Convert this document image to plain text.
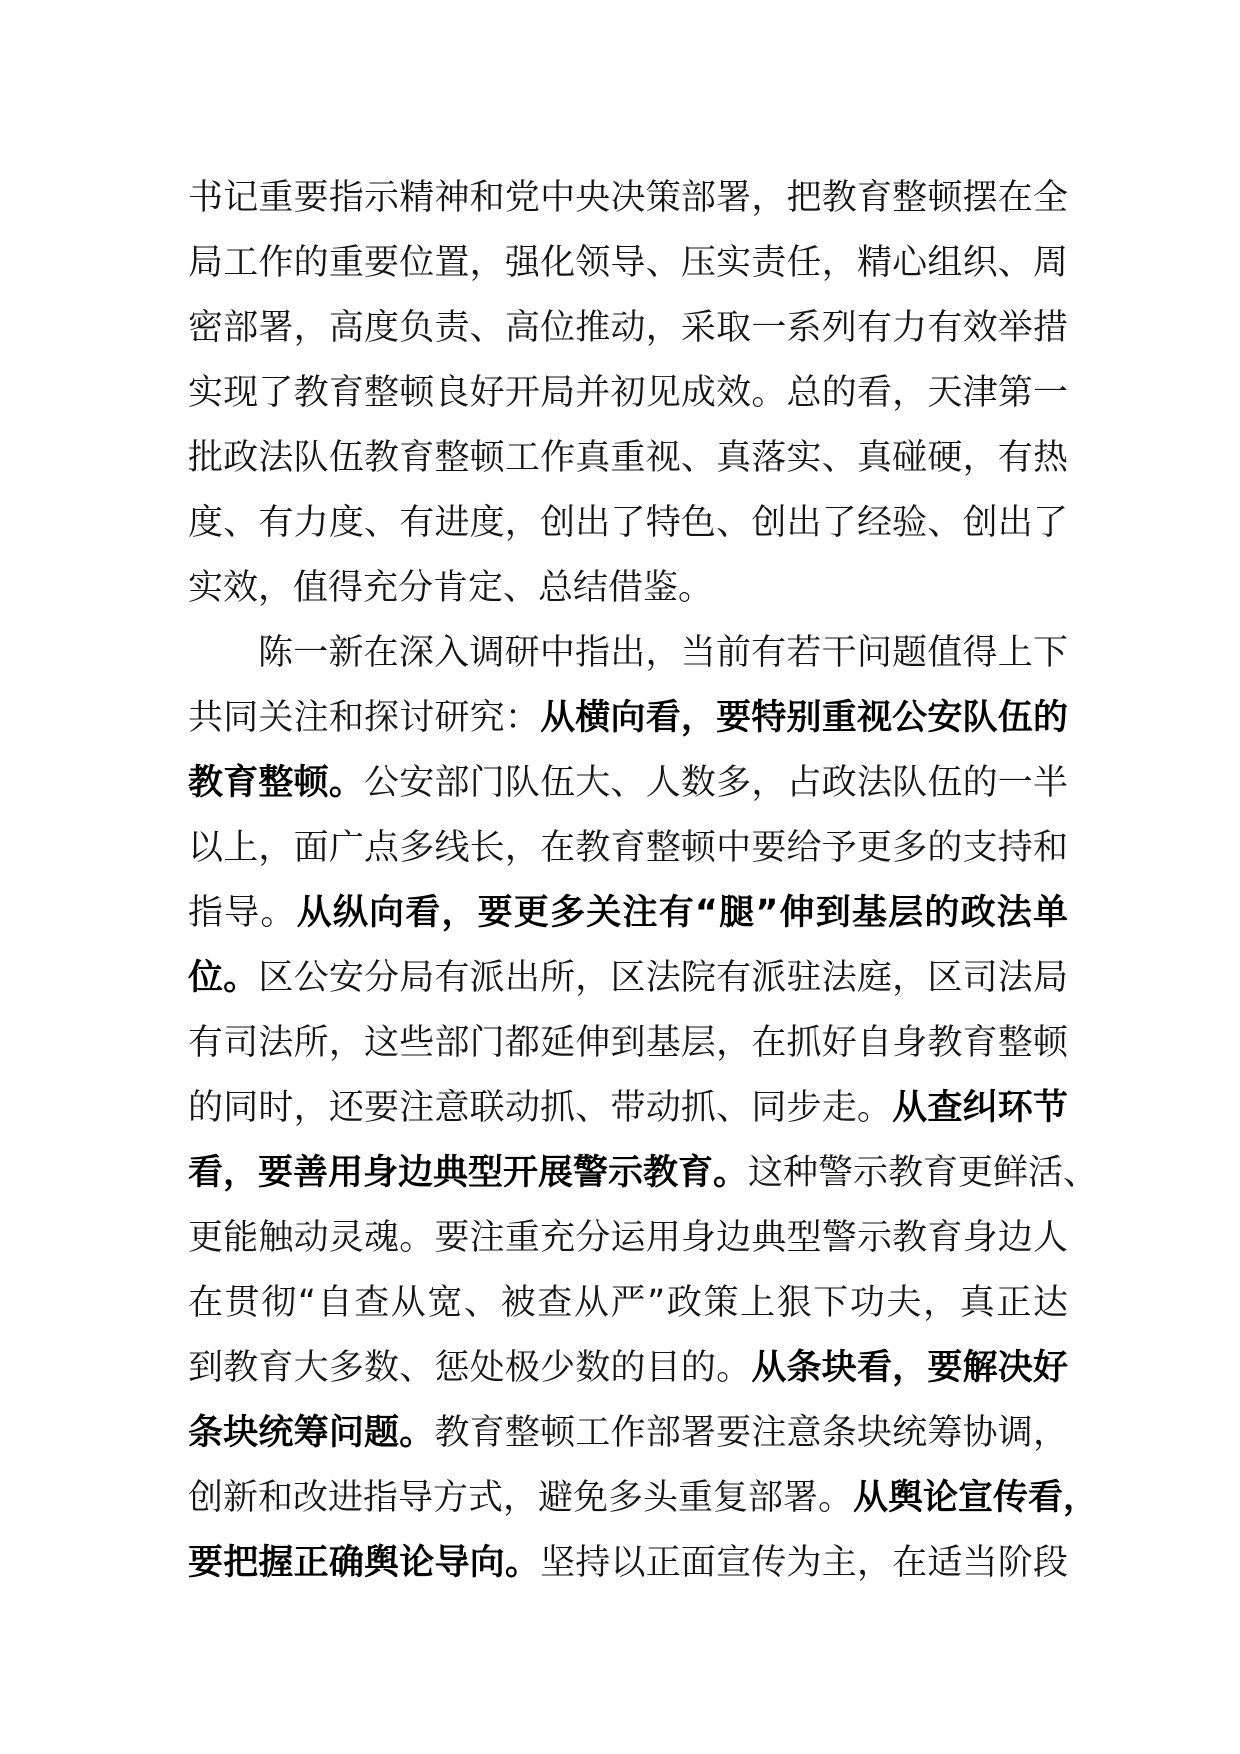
书记重要指示精神和党中央决策部署，把教育整顿摆在全
局工作的重要位置，强化领导、压实责任，精心组织、周
密部署，高度负责、高位推动，采取一系列有力有效举措
实现了教育整顿良好开局并初见成效。总的看，天津第一
批政法队伍教育整顿工作真重视、真落实、真碰硬，有热
度、有力度、有进度，创出了特色、创出了经验、创出了
实效，值得充分肯定、总结借鉴。
陈一新在深入调研中指出，当前有若干问题值得上下
共同关注和探讨研究：从横向看，要特别重视公安队伍的
教育整顿。公安部门队伍大、人数多，占政法队伍的一半
以上，面广点多线长，在教育整顿中要给予更多的支持和
指导。从纵向看，要更多关注有“腿”伸到基层的政法单
位。区公安分局有派出所，区法院有派驻法庭，区司法局
有司法所，这些部门都延伸到基层，在抓好自身教育整顿
的同时，还要注意联动抓、带动抓、同步走。从查纠环节
看，要善用身边典型开展警示教育。这种警示教育更鲜活、
更能触动灵魂。要注重充分运用身边典型警示教育身边人
在贯彻“自查从宽、被查从严”政策上狠下功夫，真正达
到教育大多数、惩处极少数的目的。从条块看，要解决好
条块统筹问题。教育整顿工作部署要注意条块统筹协调，
创新和改进指导方式，避免多头重复部署。从舆论宣传看，
要把握正确舆论导向。坚持以正面宣传为主，在适当阶段
